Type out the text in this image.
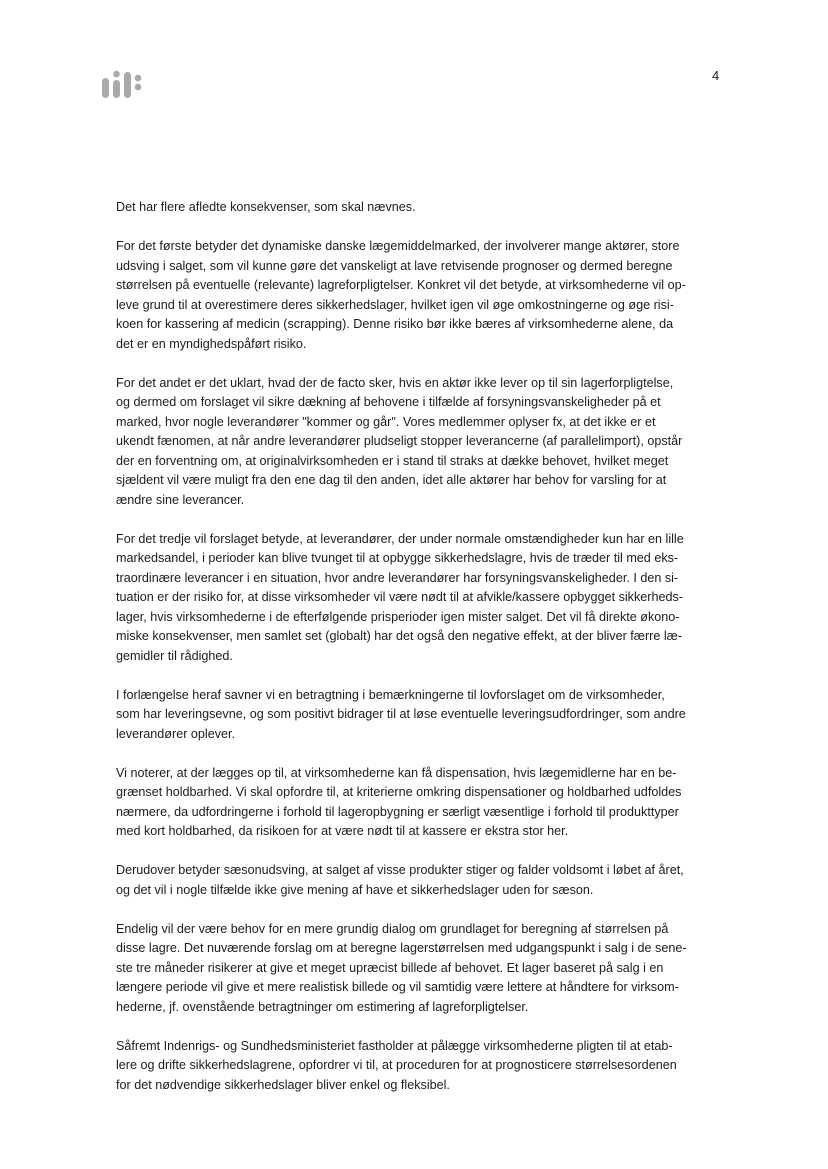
4

Det har flere afledte konsekvenser, som skal nævnes.

For det første betyder det dynamiske danske lægemiddelmarked, der involverer mange aktører, store
udsving i salget, som vil kunne gøre det vanskeligt at lave retvisende prognoser og dermed beregne
størrelsen på eventuelle (relevante) lagreforpligtelser. Konkret vil det betyde, at virksomhederne vil op-
leve grund til at overestimere deres sikkerhedslager, hvilket igen vil øge omkostningerne og øge risi-
koen for kassering af medicin (scrapping). Denne risiko bør ikke bæres af virksomhederne alene, da
det er en myndighedspåført risiko.

For det andet er det uklart, hvad der de facto sker, hvis en aktør ikke lever op til sin lagerforpligtelse,
og dermed om forslaget vil sikre dækning af behovene i tilfælde af forsyningsvanskeligheder på et
marked, hvor nogle leverandører "kommer og går". Vores medlemmer oplyser fx, at det ikke er et
ukendt fænomen, at når andre leverandører pludseligt stopper leverancerne (af parallelimport), opstår
der en forventning om, at originalvirksomheden er i stand til straks at dække behovet, hvilket meget
sjældent vil være muligt fra den ene dag til den anden, idet alle aktører har behov for varsling for at
ændre sine leverancer.

For det tredje vil forslaget betyde, at leverandører, der under normale omstændigheder kun har en lille
markedsandel, i perioder kan blive tvunget til at opbygge sikkerhedslagre, hvis de træder til med eks-
traordinære leverancer i en situation, hvor andre leverandører har forsyningsvanskeligheder. I den si-
tuation er der risiko for, at disse virksomheder vil være nødt til at afvikle/kassere opbygget sikkerheds-
lager, hvis virksomhederne i de efterfølgende prisperioder igen mister salget. Det vil få direkte økono-
miske konsekvenser, men samlet set (globalt) har det også den negative effekt, at der bliver færre læ-
gemidler til rådighed.

I forlængelse heraf savner vi en betragtning i bemærkningerne til lovforslaget om de virksomheder,
som har leveringsevne, og som positivt bidrager til at løse eventuelle leveringsudfordringer, som andre
leverandører oplever.

Vi noterer, at der lægges op til, at virksomhederne kan få dispensation, hvis lægemidlerne har en be-
grænset holdbarhed. Vi skal opfordre til, at kriterierne omkring dispensationer og holdbarhed udfoldes
nærmere, da udfordringerne i forhold til lageropbygning er særligt væsentlige i forhold til produkttyper
med kort holdbarhed, da risikoen for at være nødt til at kassere er ekstra stor her.

Derudover betyder sæsonudsving, at salget af visse produkter stiger og falder voldsomt i løbet af året,
og det vil i nogle tilfælde ikke give mening af have et sikkerhedslager uden for sæson.

Endelig vil der være behov for en mere grundig dialog om grundlaget for beregning af størrelsen på
disse lagre. Det nuværende forslag om at beregne lagerstørrelsen med udgangspunkt i salg i de sene-
ste tre måneder risikerer at give et meget upræcist billede af behovet. Et lager baseret på salg i en
længere periode vil give et mere realistisk billede og vil samtidig være lettere at håndtere for virksom-
hederne, jf. ovenstående betragtninger om estimering af lagreforpligtelser.

Såfremt Indenrigs- og Sundhedsministeriet fastholder at pålægge virksomhederne pligten til at etab-
lere og drifte sikkerhedslagrene, opfordrer vi til, at proceduren for at prognosticere størrelsesordenen
for det nødvendige sikkerhedslager bliver enkel og fleksibel.
